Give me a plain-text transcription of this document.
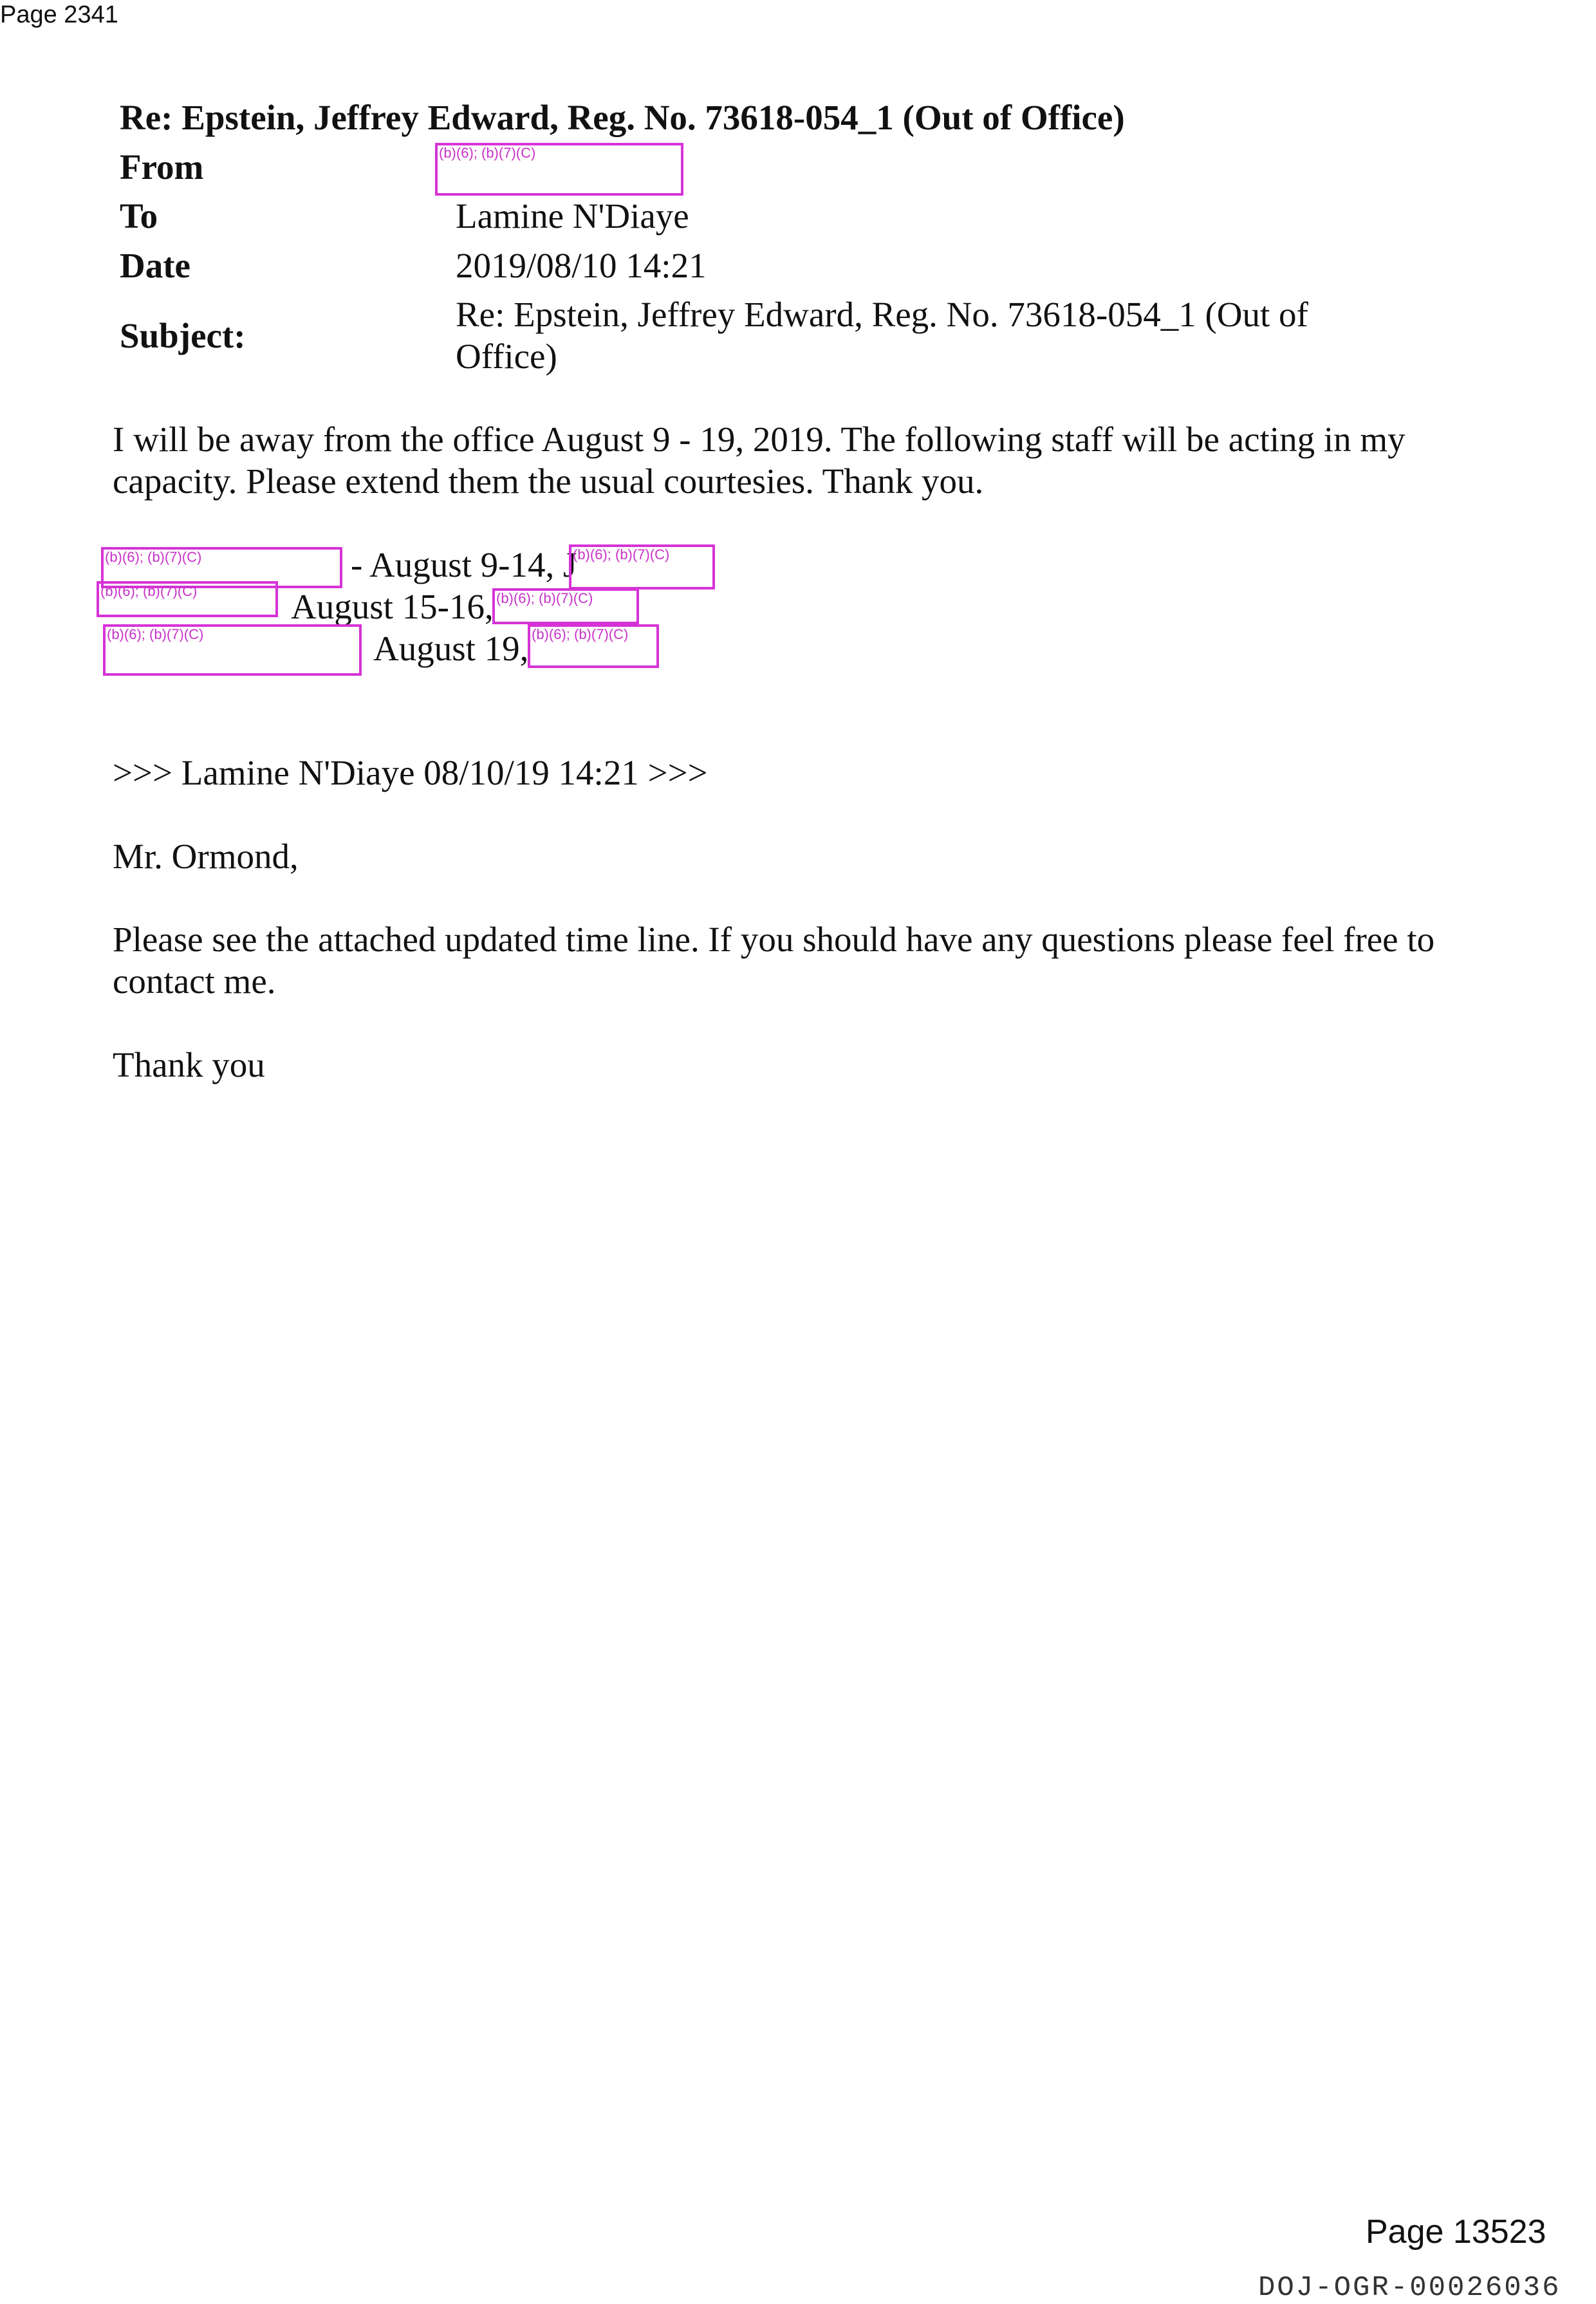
Page 2341
Re: Epstein, Jeffrey Edward, Reg. No. 73618-054_1 (Out of Office)
From	(b)(6); (b)(7)(C)
To	Lamine N'Diaye
Date	2019/08/10 14:21
Subject:
Re: Epstein, Jeffrey Edward, Reg. No. 73618-054_1 (Out of
Office)
I will be away from the office August 9 - 19, 2019. The following staff will be acting in my
capacity. Please extend them the usual courtesies. Thank you.
(b)(6); (b)(7)(C)	- August 9-14, J
(b)(6); (b)(7)(C)
(b)(6); (b)(7)(C)	August 15-16, (b)(6); (b)(7)(C)
(b)(6); (b)(7)(C)	August 19, (b)(6); (b)(7)(C)
>>> Lamine N'Diaye 08/10/19 14:21 >>>
Mr. Ormond,
Please see the attached updated time line. If you should have any questions please feel free to
contact me.
Thank you
Page 13523
DOJ-OGR-00026036
